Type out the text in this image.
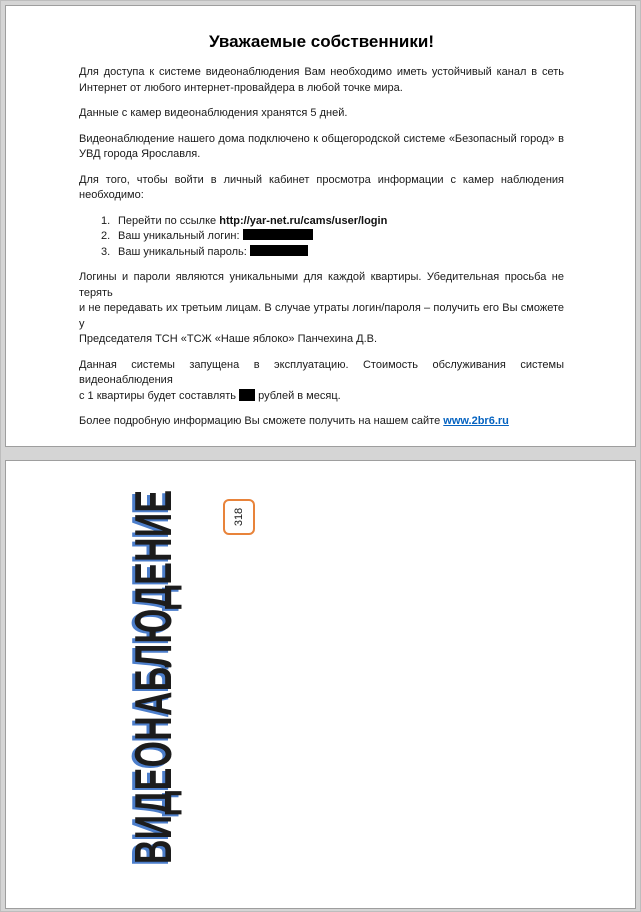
Уважаемые собственники!
Для доступа к системе видеонаблюдения Вам необходимо иметь устойчивый канал в сеть
Интернет от любого интернет-провайдера в любой точке мира.
Данные с камер видеонаблюдения хранятся 5 дней.
Видеонаблюдение нашего дома подключено к общегородской системе «Безопасный город» в
УВД города Ярославля.
Для того, чтобы войти в личный кабинет просмотра информации с камер наблюдения
необходимо:
1. Перейти по ссылке http://yar-net.ru/cams/user/login
2. Ваш уникальный логин:
3. Ваш уникальный пароль:
Логины и пароли являются уникальными для каждой квартиры. Убедительная просьба не терять
и не передавать их третьим лицам. В случае утраты логин/пароля – получить его Вы сможете у
Председателя ТСН «ТСЖ «Наше яблоко» Панчехина Д.В.
Данная системы запущена в эксплуатацию. Стоимость обслуживания системы видеонаблюдения
с 1 квартиры будет составлять рублей в месяц.
Более подробную информацию Вы сможете получить на нашем сайте www.2br6.ru
ВИДЕОНАБЛЮДЕНИЕ	318
